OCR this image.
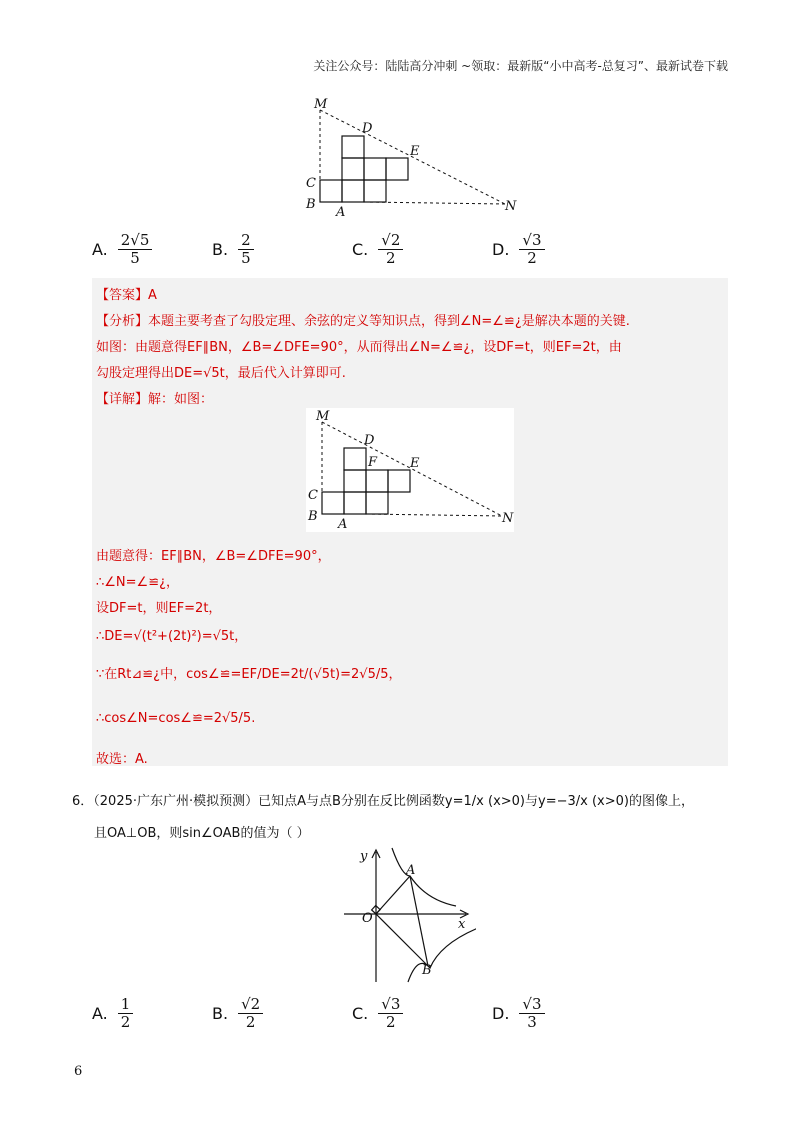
关注公众号：陆陆高分冲刺 ~领取：最新版“小中高考-总复习”、最新试卷下载
M
D
E
C
B
A	N
A. $\frac{2√5}{5}$	B. $\frac{2}{5}$	C. $\frac{√2}{2}$	D. $\frac{√3}{2}$
【答案】A
【分析】本题主要考查了勾股定理、余弦的定义等知识点，得到∠N=∠≌¿是解决本题的关键.
如图：由题意得EF∥BN，∠B=∠DFE=90°，从而得出∠N=∠≌¿，设DF=t，则EF=2t，由
勾股定理得出DE=√5t，最后代入计算即可.
【详解】解：如图：
M
D
F	E
C
B
A	N
由题意得：EF∥BN，∠B=∠DFE=90°，
∴∠N=∠≌¿，
设DF=t，则EF=2t，
∴DE=√(t²+(2t)²)=√5t，
∵在Rt⊿≌¿中，cos∠≌=EF/DE=2t/(√5t)=2√5/5，
∴cos∠N=cos∠≌=2√5/5.
故选：A.
6．（2025·广东广州·模拟预测）已知点A与点B分别在反比例函数y=1/x (x>0)与y=−3/x (x>0)的图像上，
且OA⊥OB，则sin∠OAB的值为（ ）
y
x
O
A
B
A. $\frac{1}{2}$	B. $\frac{√2}{2}$	C. $\frac{√3}{2}$	D. $\frac{√3}{3}$
6
